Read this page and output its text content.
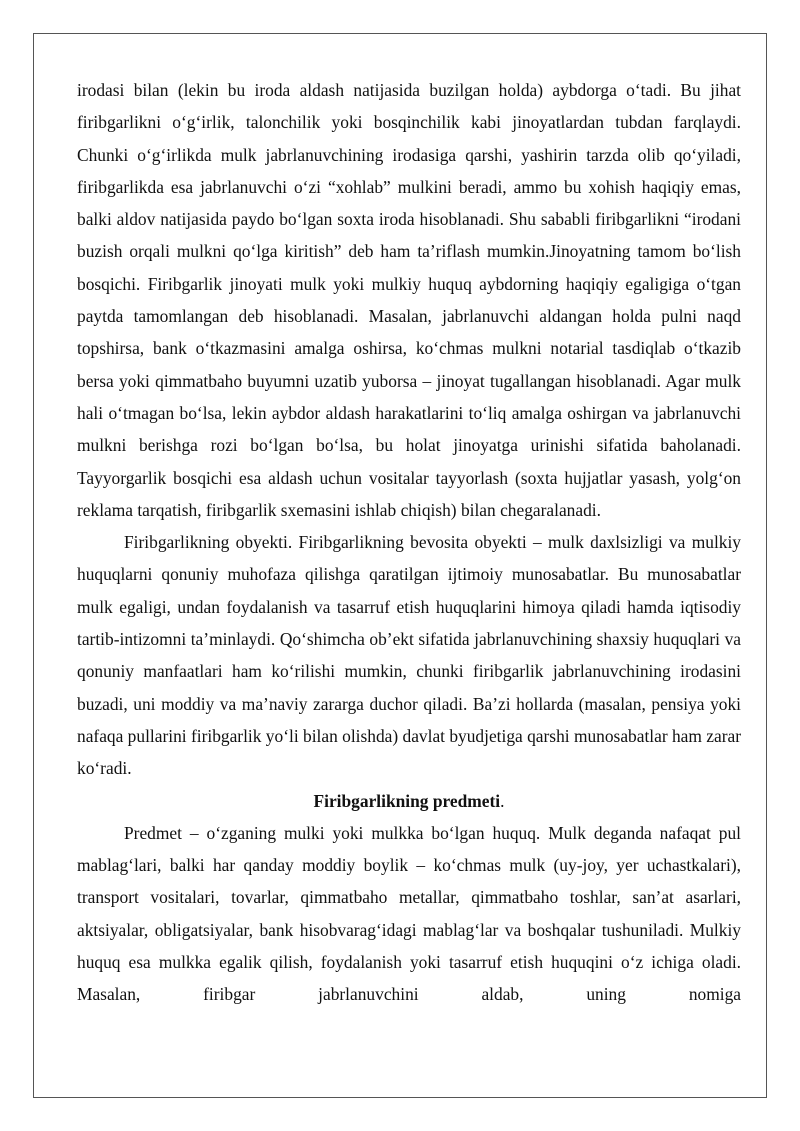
irodasi bilan (lekin bu iroda aldash natijasida buzilgan holda) aybdorga o‘tadi. Bu jihat firibgarlikni o‘g‘irlik, talonchilik yoki bosqinchilik kabi jinoyatlardan tubdan farqlaydi. Chunki o‘g‘irlikda mulk jabrlanuvchining irodasiga qarshi, yashirin tarzda olib qo‘yiladi, firibgarlikda esa jabrlanuvchi o‘zi “xohlab” mulkini beradi, ammo bu xohish haqiqiy emas, balki aldov natijasida paydo bo‘lgan soxta iroda hisoblanadi. Shu sababli firibgarlikni “irodani buzish orqali mulkni qo‘lga kiritish” deb ham ta’riflash mumkin.Jinoyatning tamom bo‘lish bosqichi. Firibgarlik jinoyati mulk yoki mulkiy huquq aybdorning haqiqiy egaligiga o‘tgan paytda tamomlangan deb hisoblanadi. Masalan, jabrlanuvchi aldangan holda pulni naqd topshirsa, bank o‘tkazmasini amalga oshirsa, ko‘chmas mulkni notarial tasdiqlab o‘tkazib bersa yoki qimmatbaho buyumni uzatib yuborsa – jinoyat tugallangan hisoblanadi. Agar mulk hali o‘tmagan bo‘lsa, lekin aybdor aldash harakatlarini to‘liq amalga oshirgan va jabrlanuvchi mulkni berishga rozi bo‘lgan bo‘lsa, bu holat jinoyatga urinishi sifatida baholanadi. Tayyorgarlik bosqichi esa aldash uchun vositalar tayyorlash (soxta hujjatlar yasash, yolg‘on reklama tarqatish, firibgarlik sxemasini ishlab chiqish) bilan chegaralanadi.

Firibgarlikning obyekti. Firibgarlikning bevosita obyekti – mulk daxlsizligi va mulkiy huquqlarni qonuniy muhofaza qilishga qaratilgan ijtimoiy munosabatlar. Bu munosabatlar mulk egaligi, undan foydalanish va tasarruf etish huquqlarini himoya qiladi hamda iqtisodiy tartib-intizomni ta’minlaydi. Qo‘shimcha ob’ekt sifatida jabrlanuvchining shaxsiy huquqlari va qonuniy manfaatlari ham ko‘rilishi mumkin, chunki firibgarlik jabrlanuvchining irodasini buzadi, uni moddiy va ma’naviy zararga duchor qiladi. Ba’zi hollarda (masalan, pensiya yoki nafaqa pullarini firibgarlik yo‘li bilan olishda) davlat byudjetiga qarshi munosabatlar ham zarar ko‘radi.

Firibgarlikning predmeti.

Predmet – o‘zganing mulki yoki mulkka bo‘lgan huquq. Mulk deganda nafaqat pul mablag‘lari, balki har qanday moddiy boylik – ko‘chmas mulk (uy-joy, yer uchastkalari), transport vositalari, tovarlar, qimmatbaho metallar, qimmatbaho toshlar, san’at asarlari, aktsiyalar, obligatsiyalar, bank hisobvarag‘idagi mablag‘lar va boshqalar tushuniladi. Mulkiy huquq esa mulkka egalik qilish, foydalanish yoki tasarruf etish huquqini o‘z ichiga oladi. Masalan, firibgar jabrlanuvchini aldab, uning nomiga
